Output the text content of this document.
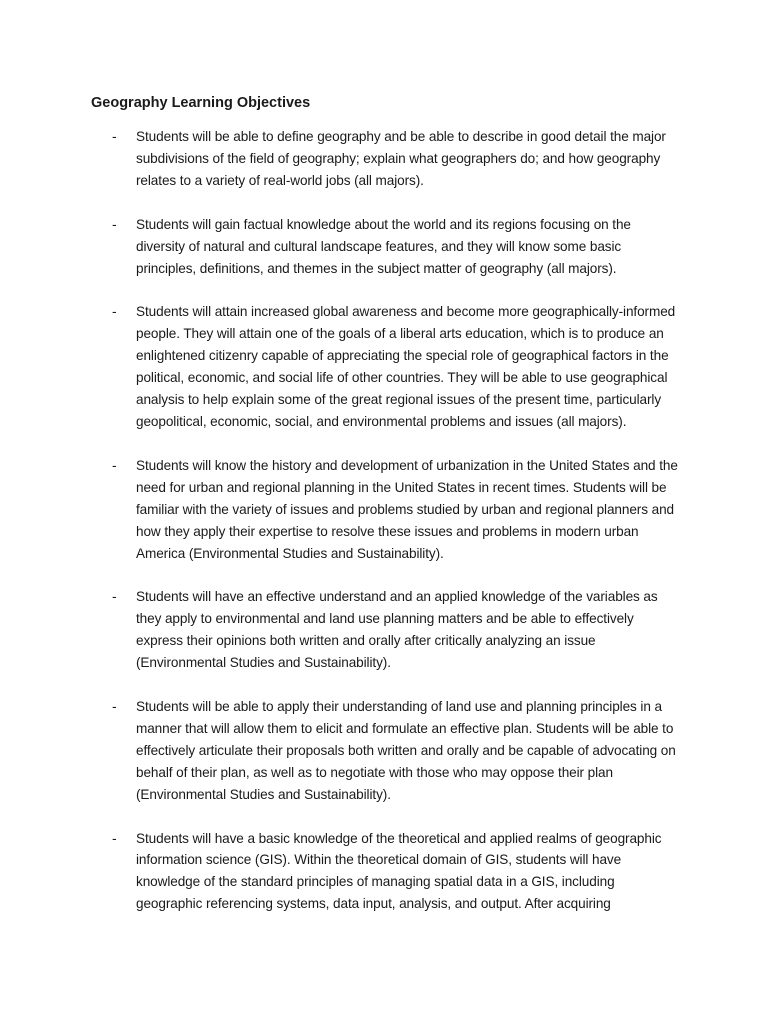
Geography Learning Objectives
- Students will be able to define geography and be able to describe in good detail the major subdivisions of the field of geography; explain what geographers do; and how geography relates to a variety of real-world jobs (all majors).
- Students will gain factual knowledge about the world and its regions focusing on the diversity of natural and cultural landscape features, and they will know some basic principles, definitions, and themes in the subject matter of geography (all majors).
- Students will attain increased global awareness and become more geographically-informed people. They will attain one of the goals of a liberal arts education, which is to produce an enlightened citizenry capable of appreciating the special role of geographical factors in the political, economic, and social life of other countries. They will be able to use geographical analysis to help explain some of the great regional issues of the present time, particularly geopolitical, economic, social, and environmental problems and issues (all majors).
- Students will know the history and development of urbanization in the United States and the need for urban and regional planning in the United States in recent times. Students will be familiar with the variety of issues and problems studied by urban and regional planners and how they apply their expertise to resolve these issues and problems in modern urban America (Environmental Studies and Sustainability).
- Students will have an effective understand and an applied knowledge of the variables as they apply to environmental and land use planning matters and be able to effectively express their opinions both written and orally after critically analyzing an issue (Environmental Studies and Sustainability).
- Students will be able to apply their understanding of land use and planning principles in a manner that will allow them to elicit and formulate an effective plan. Students will be able to effectively articulate their proposals both written and orally and be capable of advocating on behalf of their plan, as well as to negotiate with those who may oppose their plan (Environmental Studies and Sustainability).
- Students will have a basic knowledge of the theoretical and applied realms of geographic information science (GIS). Within the theoretical domain of GIS, students will have knowledge of the standard principles of managing spatial data in a GIS, including geographic referencing systems, data input, analysis, and output. After acquiring
